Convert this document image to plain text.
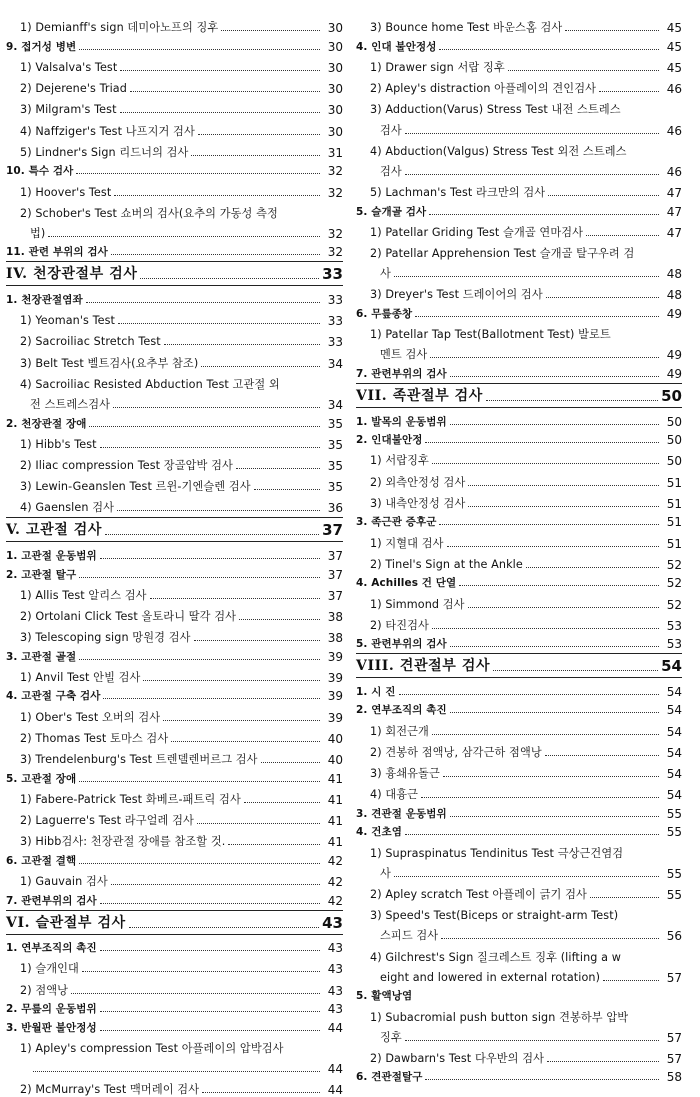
1) Demianff's sign 데미아노프의 징후	30
9. 접거성 병변	30
1) Valsalva's Test	30
2) Dejerene's Triad	30
3) Milgram's Test	30
4) Naffziger's Test 나프지거 검사	30
5) Lindner's Sign 리드너의 검사	31
10. 특수 검사	32
1) Hoover's Test	32
2) Schober's Test 쇼버의 검사(요추의 가동성 측정
법)	32
11. 관련 부위의 검사	32
IV. 천장관절부 검사	33
1. 천장관절염좌	33
1) Yeoman's Test	33
2) Sacroiliac Stretch Test	33
3) Belt Test 벨트검사(요추부 참조)	34
4) Sacroiliac Resisted Abduction Test 고관절 외
전 스트레스검사	34
2. 천장관절 장애	35
1) Hibb's Test	35
2) Iliac compression Test 장골압박 검사	35
3) Lewin-Geanslen Test 르윈-기엔슬렌 검사	35
4) Gaenslen 검사	36
V. 고관절 검사	37
1. 고관절 운동범위	37
2. 고관절 탈구	37
1) Allis Test 알리스 검사	37
2) Ortolani Click Test 올토라니 딸각 검사	38
3) Telescoping sign 망원경 검사	38
3. 고관절 골절	39
1) Anvil Test 안빌 검사	39
4. 고관절 구축 검사	39
1) Ober's Test 오버의 검사	39
2) Thomas Test 토마스 검사	40
3) Trendelenburg's Test 트렌델렌버르그 검사	40
5. 고관절 장애	41
1) Fabere-Patrick Test 화베르-패트릭 검사	41
2) Laguerre's Test 라구얼레 검사	41
3) Hibb검사: 천장관절 장애를 참조할 것.	41
6. 고관절 결핵	42
1) Gauvain 검사	42
7. 관련부위의 검사	42
VI. 슬관절부 검사	43
1. 연부조직의 촉진	43
1) 슬개인대	43
2) 점액낭	43
2. 무릎의 운동범위	43
3. 반월판 불안정성	44
1) Apley's compression Test 아플레이의 압박검사
44
2) McMurray's Test 맥머레이 검사	44
3) Bounce home Test 바운스홈 검사	45
4. 인대 불안정성	45
1) Drawer sign 서랍 징후	45
2) Apley's distraction 아플레이의 견인검사	46
3) Adduction(Varus) Stress Test 내전 스트레스
검사	46
4) Abduction(Valgus) Stress Test 외전 스트레스
검사	46
5) Lachman's Test 라크만의 검사	47
5. 슬개골 검사	47
1) Patellar Griding Test 슬개골 연마검사	47
2) Patellar Apprehension Test 슬개골 탈구우려 검
사	48
3) Dreyer's Test 드레이어의 검사	48
6. 무릎종창	49
1) Patellar Tap Test(Ballotment Test) 발로트
멘트 검사	49
7. 관련부위의 검사	49
VII. 족관절부 검사	50
1. 발목의 운동범위	50
2. 인대불안정	50
1) 서랍징후	50
2) 외측안정성 검사	51
3) 내측안정성 검사	51
3. 족근관 증후군	51
1) 지혈대 검사	51
2) Tinel's Sign at the Ankle	52
4. Achilles 건 단열	52
1) Simmond 검사	52
2) 타진검사	53
5. 관련부위의 검사	53
VIII. 견관절부 검사	54
1. 시 진	54
2. 연부조직의 촉진	54
1) 회전근개	54
2) 견봉하 점액낭, 삼각근하 점액낭	54
3) 흉쇄유돌근	54
4) 대흉근	54
3. 견관절 운동범위	55
4. 건초염	55
1) Supraspinatus Tendinitus Test 극상근건염검
사	55
2) Apley scratch Test 아플레이 긁기 검사	55
3) Speed's Test(Biceps or straight-arm Test)
스피드 검사	56
4) Gilchrest's Sign 질크레스트 징후 (lifting a w
eight and lowered in external rotation)	57
5. 활액낭염
1) Subacromial push button sign 견봉하부 압박
징후	57
2) Dawbarn's Test 다우반의 검사	57
6. 견관절탈구	58
